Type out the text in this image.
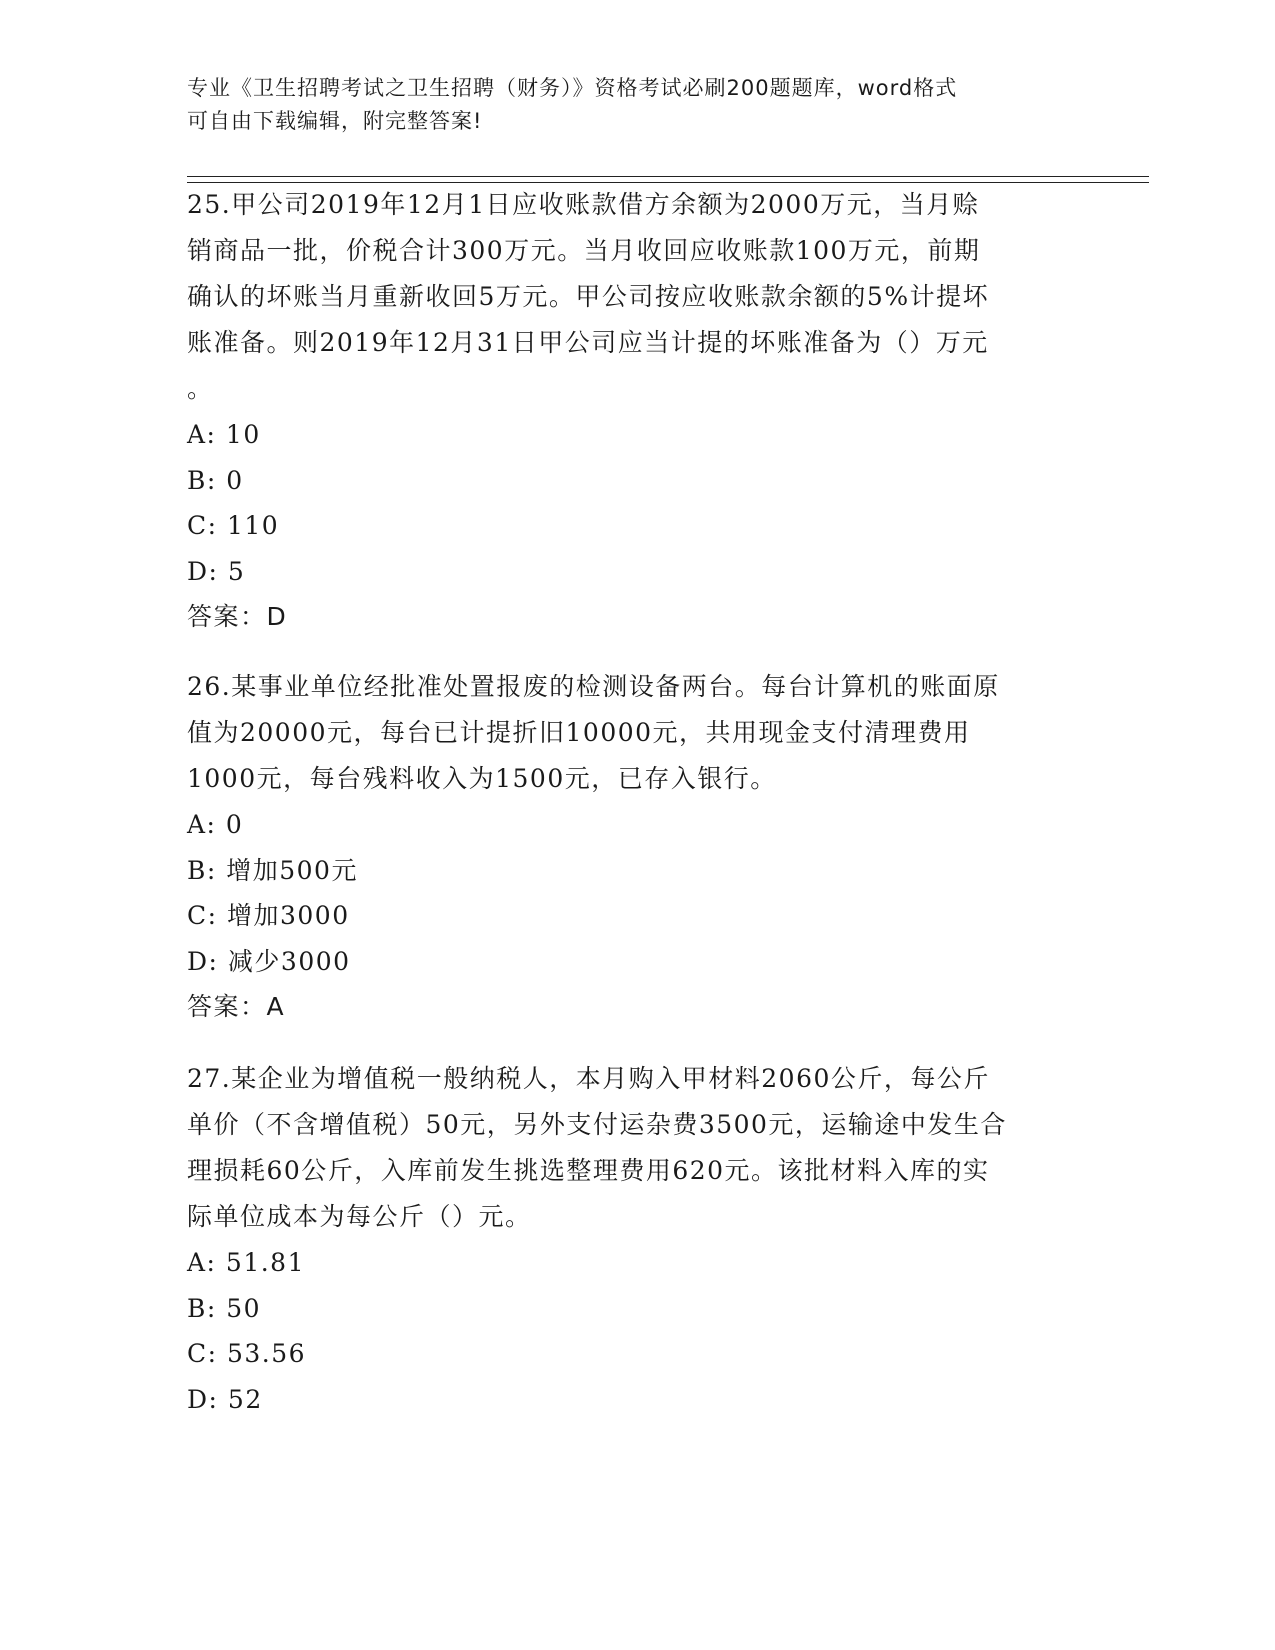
专业《卫生招聘考试之卫生招聘（财务）》资格考试必刷200题题库，word格式
可自由下载编辑，附完整答案!
25.甲公司2019年12月1日应收账款借方余额为2000万元，当月赊
销商品一批，价税合计300万元。当月收回应收账款100万元，前期
确认的坏账当月重新收回5万元。甲公司按应收账款余额的5%计提坏
账准备。则2019年12月31日甲公司应当计提的坏账准备为（）万元
。
A: 10
B: 0
C: 110
D: 5
答案：D
26.某事业单位经批准处置报废的检测设备两台。每台计算机的账面原
值为20000元，每台已计提折旧10000元，共用现金支付清理费用
1000元，每台残料收入为1500元，已存入银行。
A: 0
B: 增加500元
C: 增加3000
D: 减少3000
答案：A
27.某企业为增值税一般纳税人，本月购入甲材料2060公斤，每公斤
单价（不含增值税）50元，另外支付运杂费3500元，运输途中发生合
理损耗60公斤，入库前发生挑选整理费用620元。该批材料入库的实
际单位成本为每公斤（）元。
A: 51.81
B: 50
C: 53.56
D: 52
